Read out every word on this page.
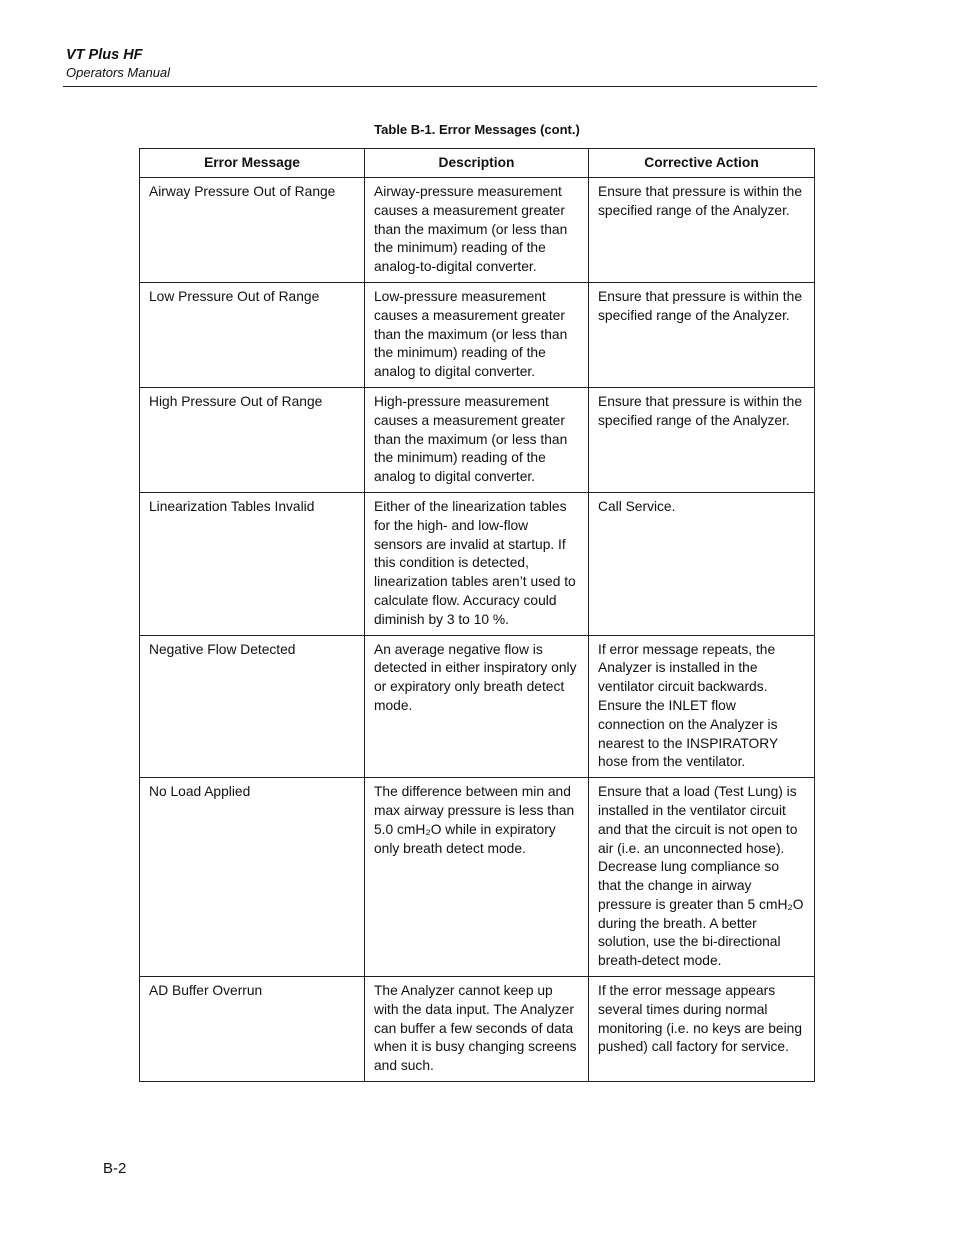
VT Plus HF
Operators Manual
Table B-1. Error Messages (cont.)
Error Message	Description	Corrective Action
Airway Pressure Out of Range	Airway-pressure measurement causes a measurement greater than the maximum (or less than the minimum) reading of the analog-to-digital converter.	Ensure that pressure is within the specified range of the Analyzer.
Low Pressure Out of Range	Low-pressure measurement causes a measurement greater than the maximum (or less than the minimum) reading of the analog to digital converter.	Ensure that pressure is within the specified range of the Analyzer.
High Pressure Out of Range	High-pressure measurement causes a measurement greater than the maximum (or less than the minimum) reading of the analog to digital converter.	Ensure that pressure is within the specified range of the Analyzer.
Linearization Tables Invalid	Either of the linearization tables for the high- and low-flow sensors are invalid at startup. If this condition is detected, linearization tables aren’t used to calculate flow. Accuracy could diminish by 3 to 10 %.	Call Service.
Negative Flow Detected	An average negative flow is detected in either inspiratory only or expiratory only breath detect mode.	If error message repeats, the Analyzer is installed in the ventilator circuit backwards. Ensure the INLET flow connection on the Analyzer is nearest to the INSPIRATORY hose from the ventilator.
No Load Applied	The difference between min and max airway pressure is less than 5.0 cmH₂O while in expiratory only breath detect mode.	Ensure that a load (Test Lung) is installed in the ventilator circuit and that the circuit is not open to air (i.e. an unconnected hose). Decrease lung compliance so that the change in airway pressure is greater than 5 cmH₂O during the breath. A better solution, use the bi-directional breath-detect mode.
AD Buffer Overrun	The Analyzer cannot keep up with the data input. The Analyzer can buffer a few seconds of data when it is busy changing screens and such.	If the error message appears several times during normal monitoring (i.e. no keys are being pushed) call factory for service.
B-2
